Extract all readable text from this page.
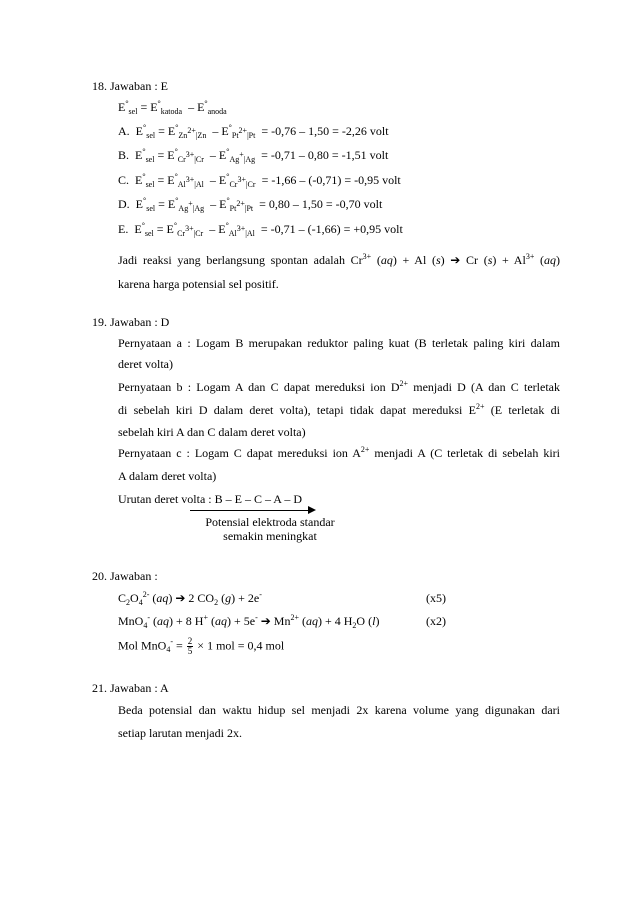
18. Jawaban : E
$E^\circ_{sel} = E^\circ_{katoda} - E^\circ_{anoda}$
A.  $E^\circ_{sel} = E^\circ_{Zn^{2+}|Zn} - E^\circ_{Pt^{2+}|Pt} = -0,76 - 1,50 = -2,26$ volt
B.  $E^\circ_{sel} = E^\circ_{Cr^{3+}|Cr} - E^\circ_{Ag^+|Ag} = -0,71 - 0,80 = -1,51$ volt
C.  $E^\circ_{sel} = E^\circ_{Al^{3+}|Al} - E^\circ_{Cr^{3+}|Cr} = -1,66 - (-0,71) = -0,95$ volt
D.  $E^\circ_{sel} = E^\circ_{Ag^+|Ag} - E^\circ_{Pt^{2+}|Pt} = 0,80 - 1,50 = -0,70$ volt
E.  $E^\circ_{sel} = E^\circ_{Cr^{3+}|Cr} - E^\circ_{Al^{3+}|Al} = -0,71 - (-1,66) = +0,95$ volt
Jadi reaksi yang berlangsung spontan adalah $Cr^{3+}$ (aq) + Al (s) ➔ Cr $(s) + Al^{3+}$ (aq)
karena harga potensial sel positif.
19. Jawaban : D
Pernyataan a : Logam B merupakan reduktor paling kuat (B terletak paling kiri dalam
deret volta)
Pernyataan b : Logam A dan C dapat mereduksi ion $D^{2+}$ menjadi D (A dan C terletak
di sebelah kiri D dalam deret volta), tetapi tidak dapat mereduksi $E^{2+}$ (E terletak di
sebelah kiri A dan C dalam deret volta)
Pernyataan c : Logam C dapat mereduksi ion $A^{2+}$ menjadi A (C terletak di sebelah kiri
A dalam deret volta)
Urutan deret volta : B – E – C – A – D
Potensial elektroda standar
semakin meningkat
20. Jawaban :
$C_2O_4^{2-}$ (aq) ➔ 2 $CO_2$ (g) + 2e-	(x5)
MnO$_4$- (aq) + 8 H+ (aq) + 5e- ➔ $Mn^{2+}$ (aq) + 4 $H_2O$ (l)	(x2)
Mol $MnO_4^- = \frac{2}{5} \times 1$ mol = 0,4 mol
21. Jawaban : A
Beda potensial dan waktu hidup sel menjadi 2x karena volume yang digunakan dari
setiap larutan menjadi 2x.
